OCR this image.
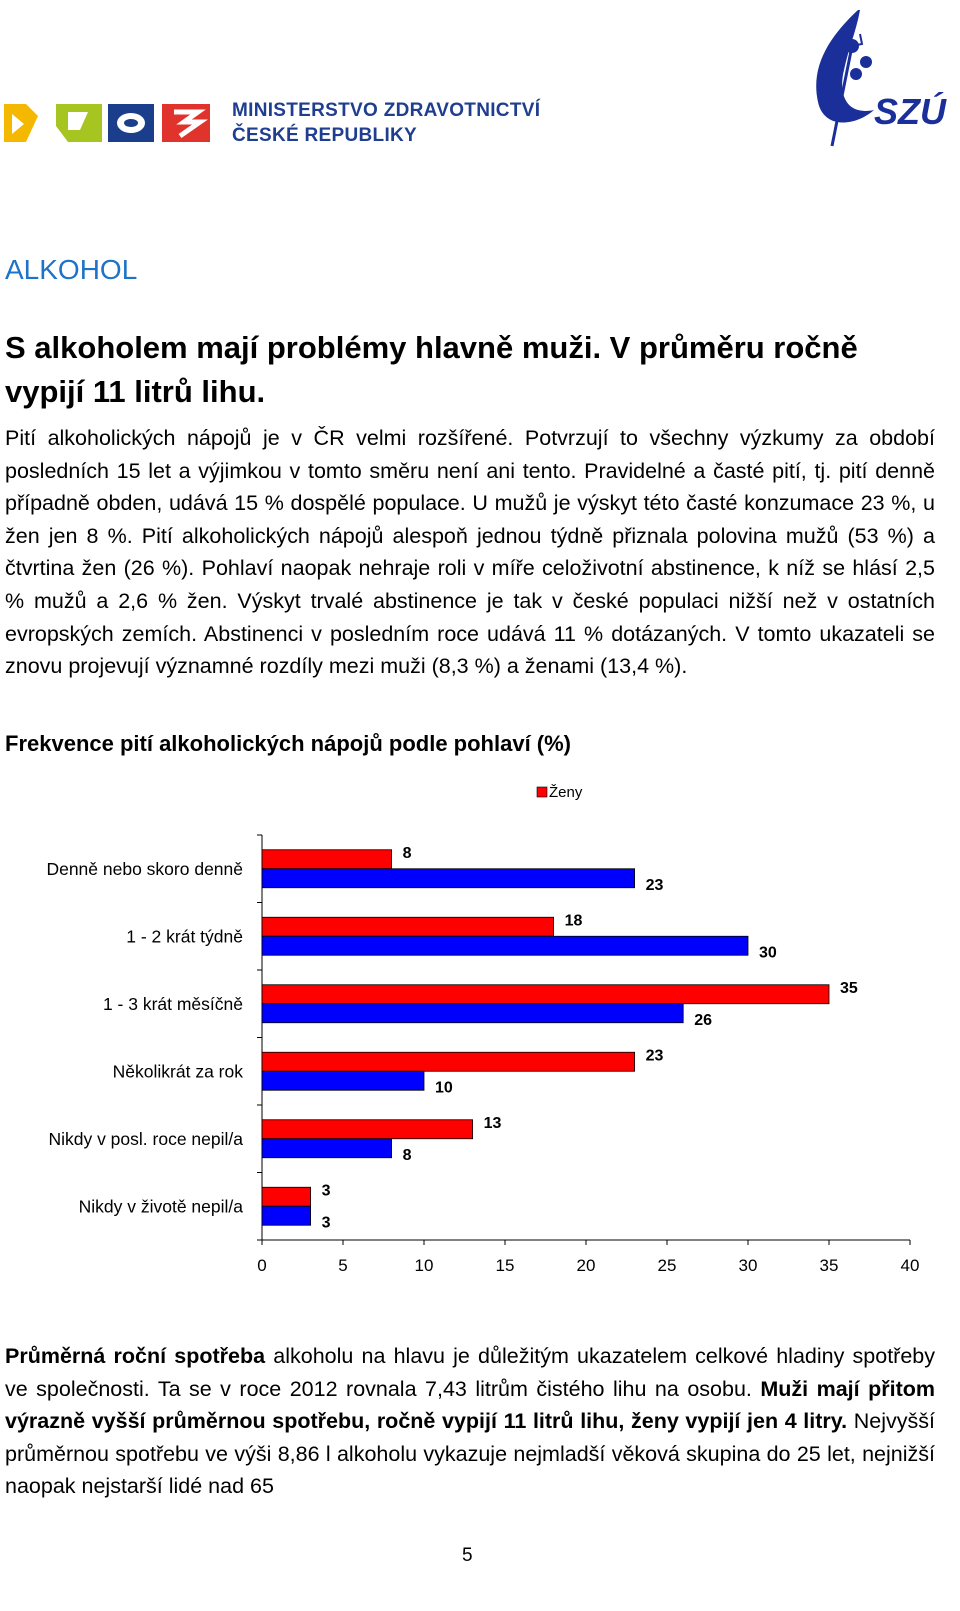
MINISTERSTVO ZDRAVOTNICTVÍ
ČESKÉ REPUBLIKY
SZÚ
ALKOHOL
S alkoholem mají problémy hlavně muži. V průměru ročně vypijí 11 litrů lihu.
Pití alkoholických nápojů je v ČR velmi rozšířené. Potvrzují to všechny výzkumy za období posledních 15 let a výjimkou v tomto směru není ani tento. Pravidelné a časté pití, tj. pití denně případně obden, udává 15 % dospělé populace. U mužů je výskyt této časté konzumace 23 %, u žen jen 8 %. Pití alkoholických nápojů alespoň jednou týdně přiznala polovina mužů (53 %) a čtvrtina žen (26 %). Pohlaví naopak nehraje roli v míře celoživotní abstinence, k níž se hlásí 2,5 % mužů a 2,6 % žen. Výskyt trvalé abstinence je tak v české populaci nižší než v ostatních evropských zemích. Abstinenci v posledním roce udává 11 % dotázaných. V tomto ukazateli se znovu projevují významné rozdíly mezi muži (8,3 %) a ženami (13,4 %).
Frekvence pití alkoholických nápojů podle pohlaví (%)
Ženy
0	5	10	15	20	25	30	35	40
Denně nebo skoro denně
8
23
1 - 2 krát týdně
18
30
1 - 3 krát měsíčně
35
26
Několikrát za rok
23
10
Nikdy v posl. roce nepil/a
13
8
Nikdy v životě nepil/a
3
3
Průměrná roční spotřeba alkoholu na hlavu je důležitým ukazatelem celkové hladiny spotřeby ve společnosti. Ta se v roce 2012 rovnala 7,43 litrům čistého lihu na osobu. Muži mají přitom výrazně vyšší průměrnou spotřebu, ročně vypijí 11 litrů lihu, ženy vypijí jen 4 litry. Nejvyšší průměrnou spotřebu ve výši 8,86 l alkoholu vykazuje nejmladší věková skupina do 25 let, nejnižší naopak nejstarší lidé nad 65
5
